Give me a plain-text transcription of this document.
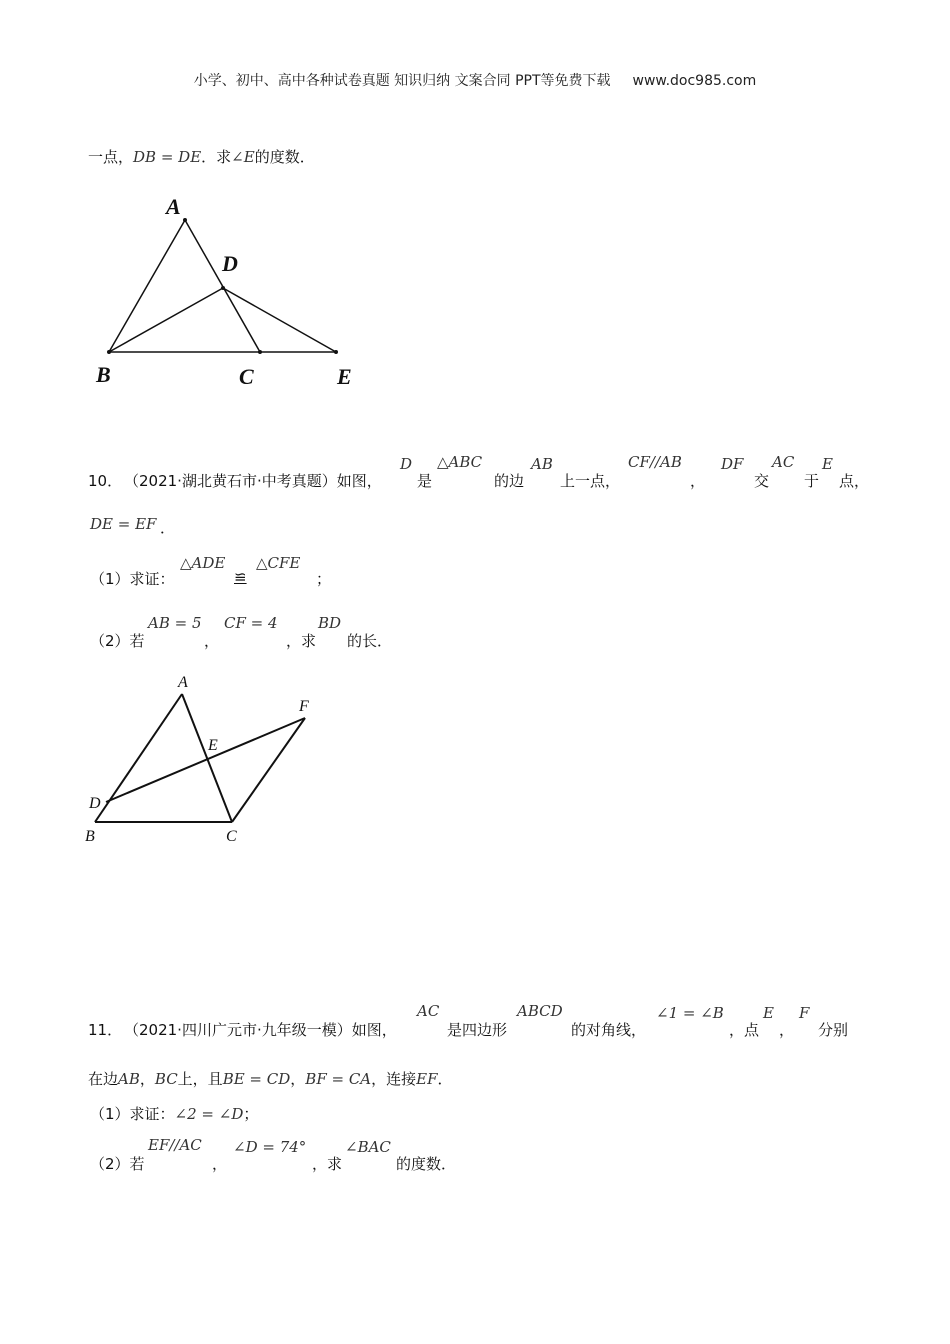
小学、初中、高中各种试卷真题 知识归纳 文案合同 PPT等免费下载 www.doc985.com
一点，DB = DE．求∠E的度数．
A
D
B	C	E
10． （2021·湖北黄石市·中考真题）如图，
D
是
△ABC
的边
AB
上一点，
CF//AB
，
DF
交
AC
于
E
点，
DE = EF ．
（1）求证：
△ADE
≌
△CFE
；
（2）若
AB = 5
，
CF = 4
，求
BD
的长．
A
F
E
D
B	C
11． （2021·四川广元市·九年级一模）如图，
AC
是四边形
ABCD
的对角线，
∠1 = ∠B
，点
E
，
F
分别
在边AB，BC上，且BE = CD，BF = CA，连接EF．
（1）求证：∠2 = ∠D；
（2）若
EF//AC
，
∠D = 74°
，求
∠BAC
的度数．
